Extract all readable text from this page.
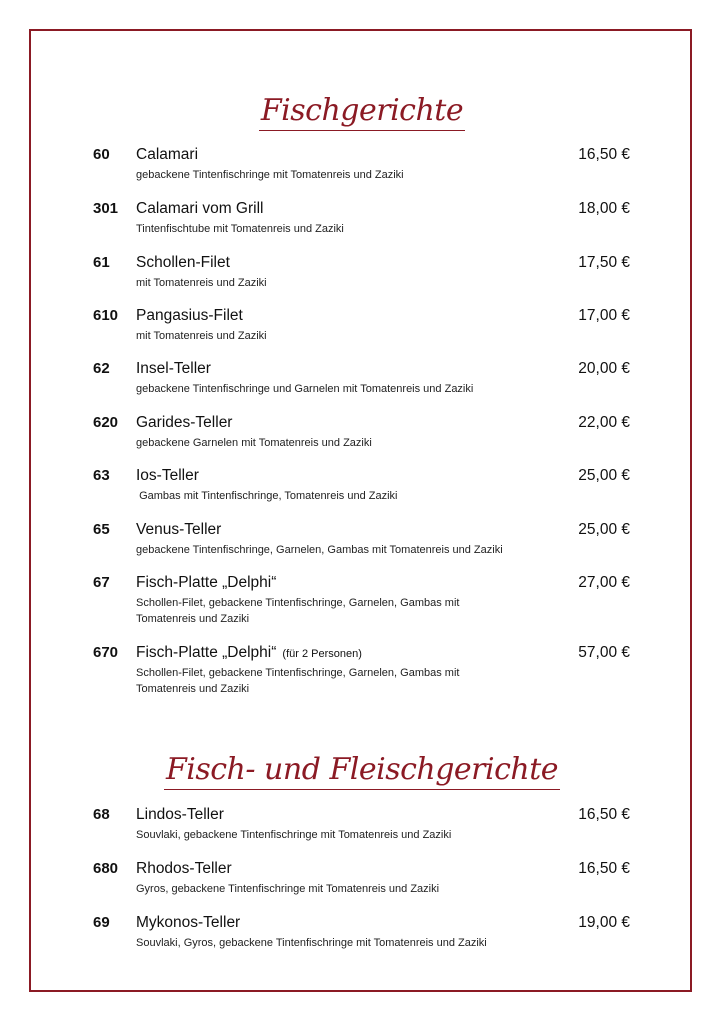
Fischgerichte
Fisch- und Fleischgerichte
60 Calamari	16,50 €
gebackene Tintenfischringe mit Tomatenreis und Zaziki
301 Calamari vom Grill	18,00 €
Tintenfischtube mit Tomatenreis und Zaziki
61 Schollen-Filet	17,50 €
mit Tomatenreis und Zaziki
610 Pangasius-Filet	17,00 €
mit Tomatenreis und Zaziki
62 Insel-Teller	20,00 €
gebackene Tintenfischringe und Garnelen mit Tomatenreis und Zaziki
620 Garides-Teller	22,00 €
gebackene Garnelen mit Tomatenreis und Zaziki
63 Ios-Teller	25,00 €
Gambas mit Tintenfischringe, Tomatenreis und Zaziki
65 Venus-Teller	25,00 €
gebackene Tintenfischringe, Garnelen, Gambas mit Tomatenreis und Zaziki
67 Fisch-Platte „Delphi“	27,00 €
Schollen-Filet, gebackene Tintenfischringe, Garnelen, Gambas mit Tomatenreis und Zaziki
670 Fisch-Platte „Delphi“ (für 2 Personen)	57,00 €
Schollen-Filet, gebackene Tintenfischringe, Garnelen, Gambas mit Tomatenreis und Zaziki
68 Lindos-Teller	16,50 €
Souvlaki, gebackene Tintenfischringe mit Tomatenreis und Zaziki
680 Rhodos-Teller	16,50 €
Gyros, gebackene Tintenfischringe mit Tomatenreis und Zaziki
69 Mykonos-Teller	19,00 €
Souvlaki, Gyros, gebackene Tintenfischringe mit Tomatenreis und Zaziki
